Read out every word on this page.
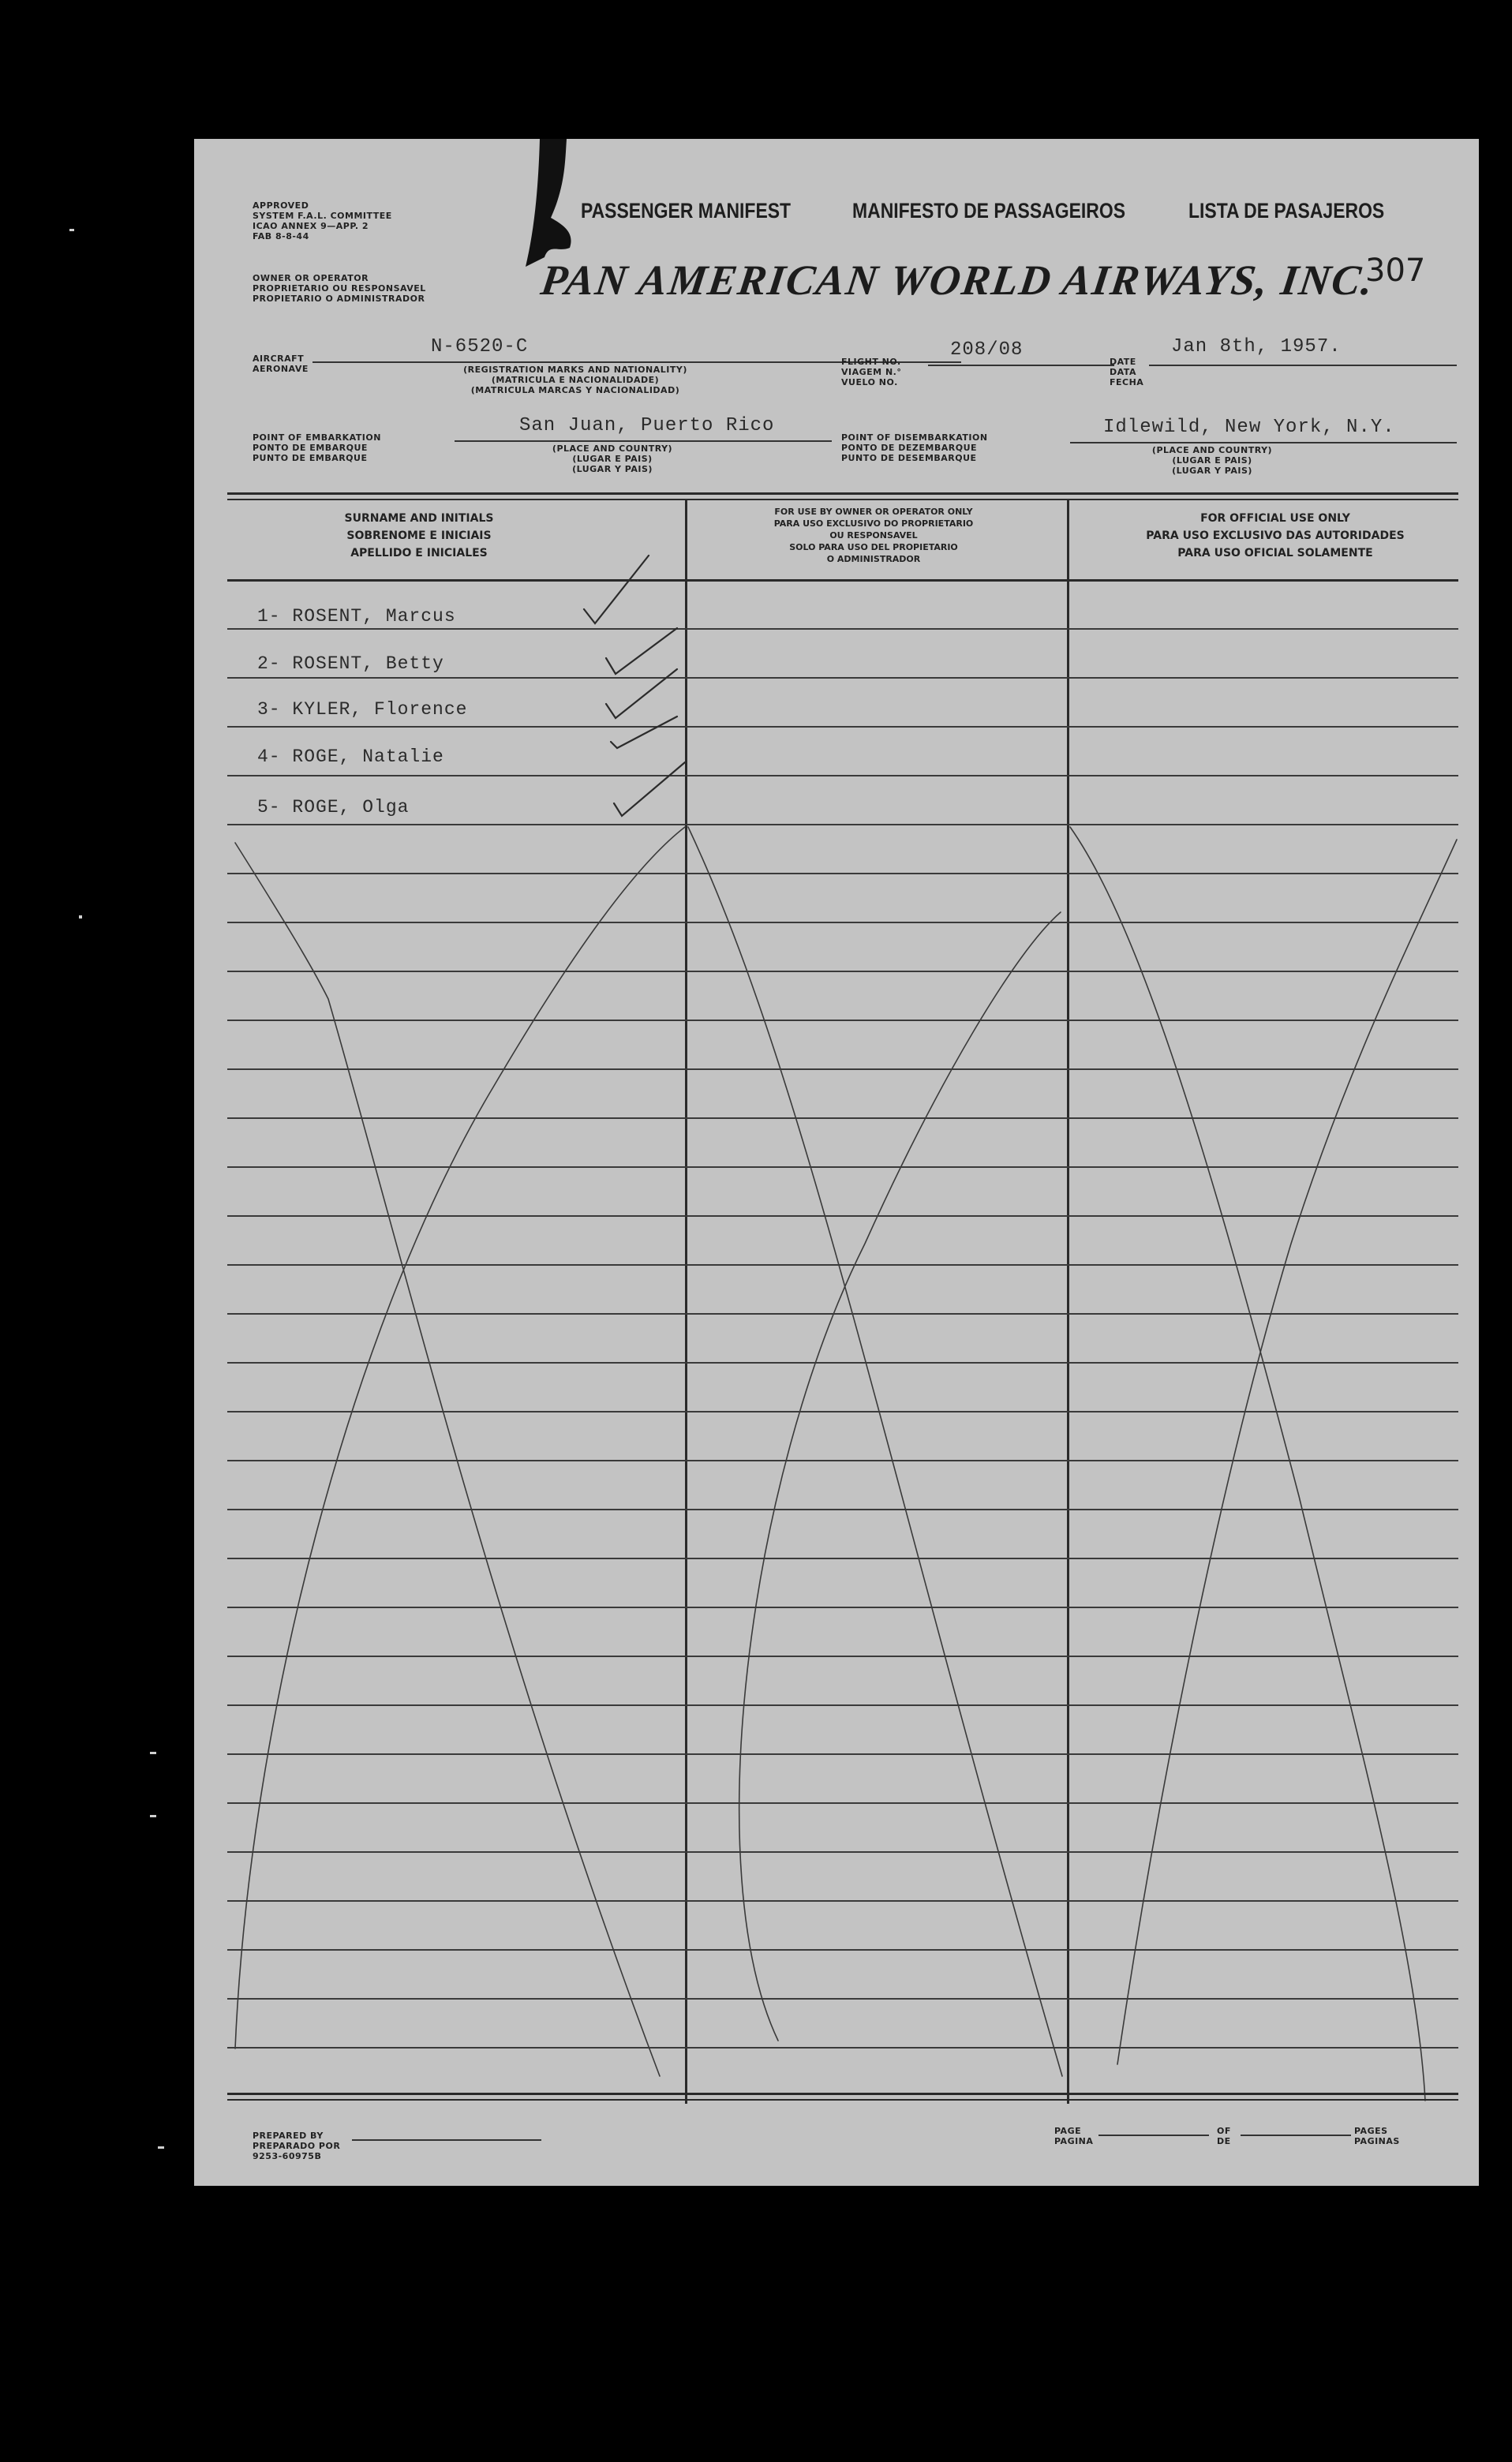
APPROVED
SYSTEM F.A.L. COMMITTEE
ICAO ANNEX 9—APP. 2
FAB 8-8-44
PASSENGER MANIFEST	MANIFESTO DE PASSAGEIROS	LISTA DE PASAJEROS
307
OWNER OR OPERATOR
PROPRIETARIO OU RESPONSAVEL
PROPIETARIO O ADMINISTRADOR	PAN AMERICAN WORLD AIRWAYS, INC.
AIRCRAFT
AERONAVE
N-6520-C
(REGISTRATION MARKS AND NATIONALITY)
(MATRICULA E NACIONALIDADE)
(MATRICULA MARCAS Y NACIONALIDAD)
FLIGHT NO.
VIAGEM N.°
VUELO NO.
208/08
DATE
DATA
FECHA
Jan 8th, 1957.
POINT OF EMBARKATION
PONTO DE EMBARQUE
PUNTO DE EMBARQUE
San Juan, Puerto Rico
(PLACE AND COUNTRY)
(LUGAR E PAIS)
(LUGAR Y PAIS)
POINT OF DISEMBARKATION
PONTO DE DEZEMBARQUE
PUNTO DE DESEMBARQUE
Idlewild, New York, N.Y.
(PLACE AND COUNTRY)
(LUGAR E PAIS)
(LUGAR Y PAIS)
SURNAME AND INITIALS
SOBRENOME E INICIAIS
APELLIDO E INICIALES
FOR USE BY OWNER OR OPERATOR ONLY
PARA USO EXCLUSIVO DO PROPRIETARIO
OU RESPONSAVEL
SOLO PARA USO DEL PROPIETARIO
O ADMINISTRADOR
FOR OFFICIAL USE ONLY
PARA USO EXCLUSIVO DAS AUTORIDADES
PARA USO OFICIAL SOLAMENTE
1- ROSENT, Marcus
2- ROSENT, Betty
3- KYLER, Florence
4- ROGE, Natalie
5- ROGE, Olga
PREPARED BY
PREPARADO POR
9253-60975B
PAGE
PAGINA
OF
DE
PAGES
PAGINAS
